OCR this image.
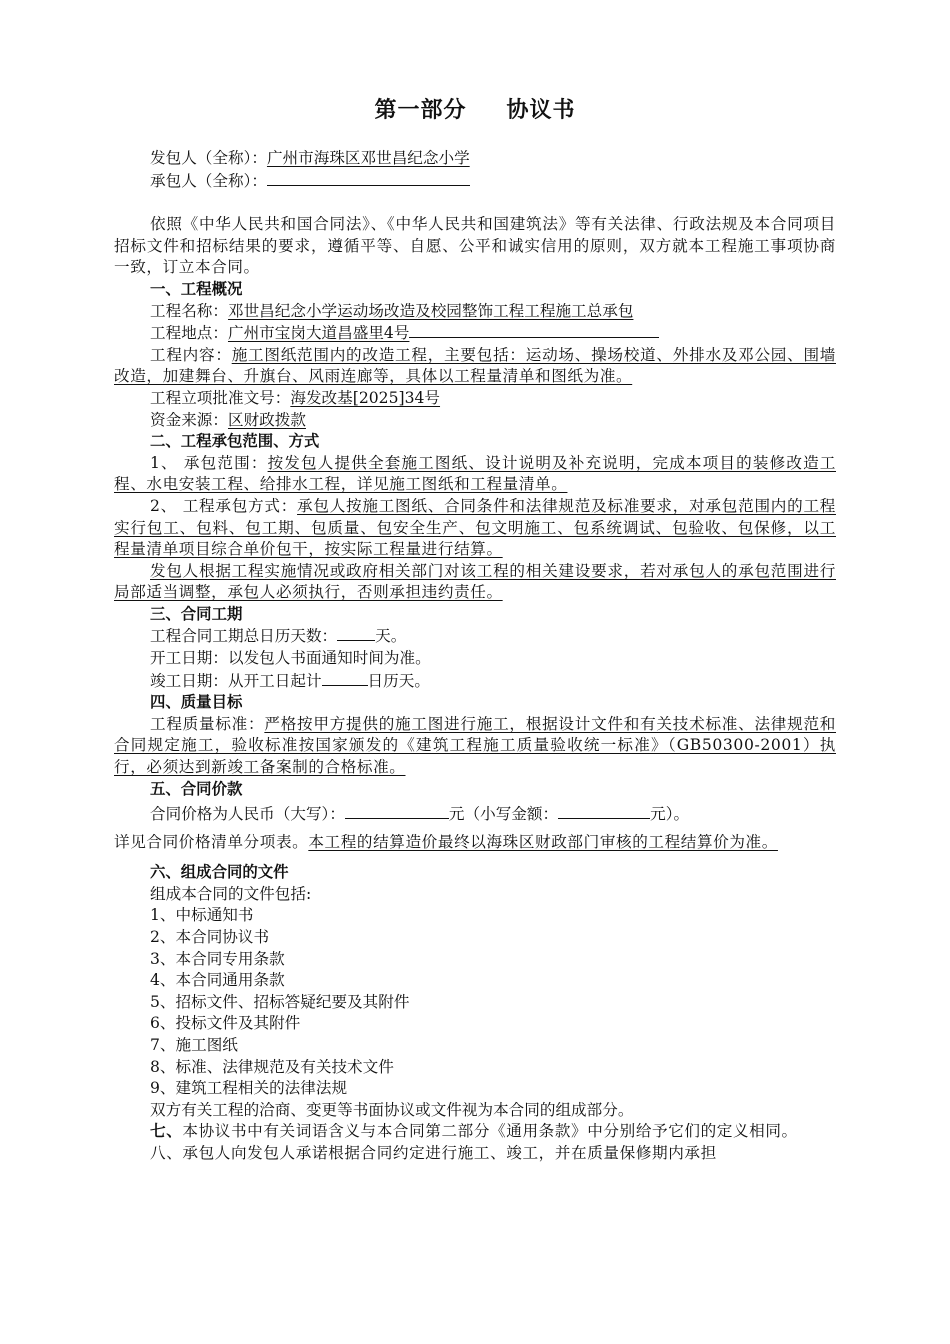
第一部分 协议书

发包人（全称）：广州市海珠区邓世昌纪念小学

承包人（全称）：

依照《中华人民共和国合同法》、《中华人民共和国建筑法》等有关法律、行政法规及本合同项目招标文件和招标结果的要求，遵循平等、自愿、公平和诚实信用的原则，双方就本工程施工事项协商一致，订立本合同。

一、工程概况

工程名称：邓世昌纪念小学运动场改造及校园整饰工程工程施工总承包

工程地点：广州市宝岗大道昌盛里4号

工程内容：施工图纸范围内的改造工程，主要包括：运动场、操场校道、外排水及邓公园、围墙改造，加建舞台、升旗台、风雨连廊等，具体以工程量清单和图纸为准。

工程立项批准文号：海发改基[2025]34号

资金来源：区财政拨款

二、工程承包范围、方式

1、 承包范围：按发包人提供全套施工图纸、设计说明及补充说明，完成本项目的装修改造工程、水电安装工程、给排水工程，详见施工图纸和工程量清单。

2、 工程承包方式：承包人按施工图纸、合同条件和法律规范及标准要求，对承包范围内的工程实行包工、包料、包工期、包质量、包安全生产、包文明施工、包系统调试、包验收、包保修，以工程量清单项目综合单价包干，按实际工程量进行结算。

发包人根据工程实施情况或政府相关部门对该工程的相关建设要求，若对承包人的承包范围进行局部适当调整，承包人必须执行，否则承担违约责任。

三、合同工期

工程合同工期总日历天数： 天。

开工日期：以发包人书面通知时间为准。

竣工日期：从开工日起计	日历天。

四、质量目标

工程质量标准：严格按甲方提供的施工图进行施工，根据设计文件和有关技术标准、法律规范和合同规定施工，验收标准按国家颁发的《建筑工程施工质量验收统一标准》（GB50300-2001）执行，必须达到新竣工备案制的合格标准。

五、合同价款

合同价格为人民币（大写）：	元（小写金额：	元）。

详见合同价格清单分项表。本工程的结算造价最终以海珠区财政部门审核的工程结算价为准。

六、组成合同的文件

组成本合同的文件包括:

1、中标通知书

2、本合同协议书

3、本合同专用条款

4、本合同通用条款

5、招标文件、招标答疑纪要及其附件

6、投标文件及其附件

7、施工图纸

8、标准、法律规范及有关技术文件

9、建筑工程相关的法律法规

双方有关工程的洽商、变更等书面协议或文件视为本合同的组成部分。

七、本协议书中有关词语含义与本合同第二部分《通用条款》中分别给予它们的定义相同。

八、承包人向发包人承诺根据合同约定进行施工、竣工，并在质量保修期内承担
